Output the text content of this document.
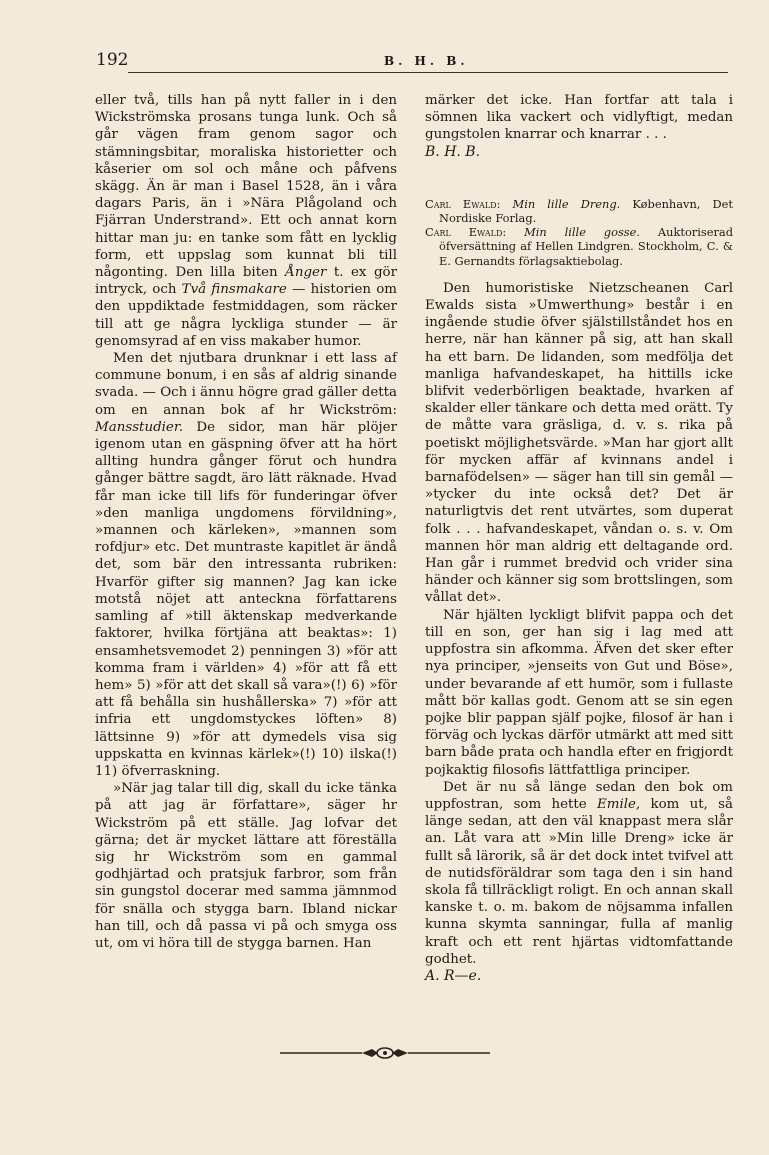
192	B. H. B.

eller två, tills han på nytt faller in i den Wickströmska prosans tunga lunk. Och så går vägen fram genom sagor och stämningsbitar, moraliska historietter och kåserier om sol och måne och påfvens skägg. Än är man i Basel 1528, än i våra dagars Paris, än i »Nära Plågoland och Fjärran Understrand». Ett och annat korn hittar man ju: en tanke som fått en lycklig form, ett uppslag som kunnat bli till någonting. Den lilla biten Ånger t. ex gör intryck, och Två finsmakare — historien om den uppdiktade festmiddagen, som räcker till att ge några lyckliga stunder — är genomsyrad af en viss makaber humor.

Men det njutbara drunknar i ett lass af commune bonum, i en sås af aldrig sinande svada. — Och i ännu högre grad gäller detta om en annan bok af hr Wickström: Mansstudier. De sidor, man här plöjer igenom utan en gäspning öfver att ha hört allting hundra gånger förut och hundra gånger bättre sagdt, äro lätt räknade. Hvad får man icke till lifs för funderingar öfver »den manliga ungdomens förvildning», »mannen och kärleken», »mannen som rofdjur» etc. Det muntraste kapitlet är ändå det, som bär den intressanta rubriken: Hvarför gifter sig mannen? Jag kan icke motstå nöjet att anteckna författarens samling af »till äktenskap medverkande faktorer, hvilka förtjäna att beaktas»: 1) ensamhetsvemodet 2) penningen 3) »för att komma fram i världen» 4) »för att få ett hem» 5) »för att det skall så vara»(!) 6) »för att få behålla sin hushållerska» 7) »för att infria ett ungdomstyckes löften» 8) lättsinne 9) »för att dymedels visa sig uppskatta en kvinnas kärlek»(!) 10) ilska(!) 11) öfverraskning.

»När jag talar till dig, skall du icke tänka på att jag är författare», säger hr Wickström på ett ställe. Jag lofvar det gärna; det är mycket lättare att föreställa sig hr Wickström som en gammal godhjärtad och pratsjuk farbror, som från sin gungstol docerar med samma jämnmod för snälla och stygga barn. Ibland nickar han till, och då passa vi på och smyga oss ut, om vi höra till de stygga barnen. Han

märker det icke. Han fortfar att tala i sömnen lika vackert och vidlyftigt, medan gungstolen knarrar och knarrar . . .

B. H. B.

Carl Ewald: Min lille Dreng. København, Det Nordiske Forlag.

Carl Ewald: Min lille gosse. Auktoriserad öfversättning af Hellen Lindgren. Stockholm, C. & E. Gernandts förlagsaktiebolag.

Den humoristiske Nietzscheanen Carl Ewalds sista »Umwerthung» består i en ingående studie öfver själstillståndet hos en herre, när han känner på sig, att han skall ha ett barn. De lidanden, som medfölja det manliga hafvandeskapet, ha hittills icke blifvit vederbörligen beaktade, hvarken af skalder eller tänkare och detta med orätt. Ty de måtte vara gräsliga, d. v. s. rika på poetiskt möjlighetsvärde. »Man har gjort allt för mycken affär af kvinnans andel i barnafödelsen» — säger han till sin gemål — »tycker du inte också det? Det är naturligtvis det rent utvärtes, som duperat folk . . . hafvandeskapet, våndan o. s. v. Om mannen hör man aldrig ett deltagande ord. Han går i rummet bredvid och vrider sina händer och känner sig som brottslingen, som vållat det».

När hjälten lyckligt blifvit pappa och det till en son, ger han sig i lag med att uppfostra sin afkomma. Äfven det sker efter nya principer, »jenseits von Gut und Böse», under bevarande af ett humör, som i fullaste mått bör kallas godt. Genom att se sin egen pojke blir pappan själf pojke, filosof är han i förväg och lyckas därför utmärkt att med sitt barn både prata och handla efter en frigjordt pojkaktig filosofis lättfattliga principer.

Det är nu så länge sedan den bok om uppfostran, som hette Emile, kom ut, så länge sedan, att den väl knappast mera slår an. Låt vara att »Min lille Dreng» icke är fullt så lärorik, så är det dock intet tvifvel att de nutidsföräldrar som taga den i sin hand skola få tillräckligt roligt. En och annan skall kanske t. o. m. bakom de nöjsamma infallen kunna skymta sanningar, fulla af manlig kraft och ett rent hjärtas vidtomfattande godhet.

A. R—e.
